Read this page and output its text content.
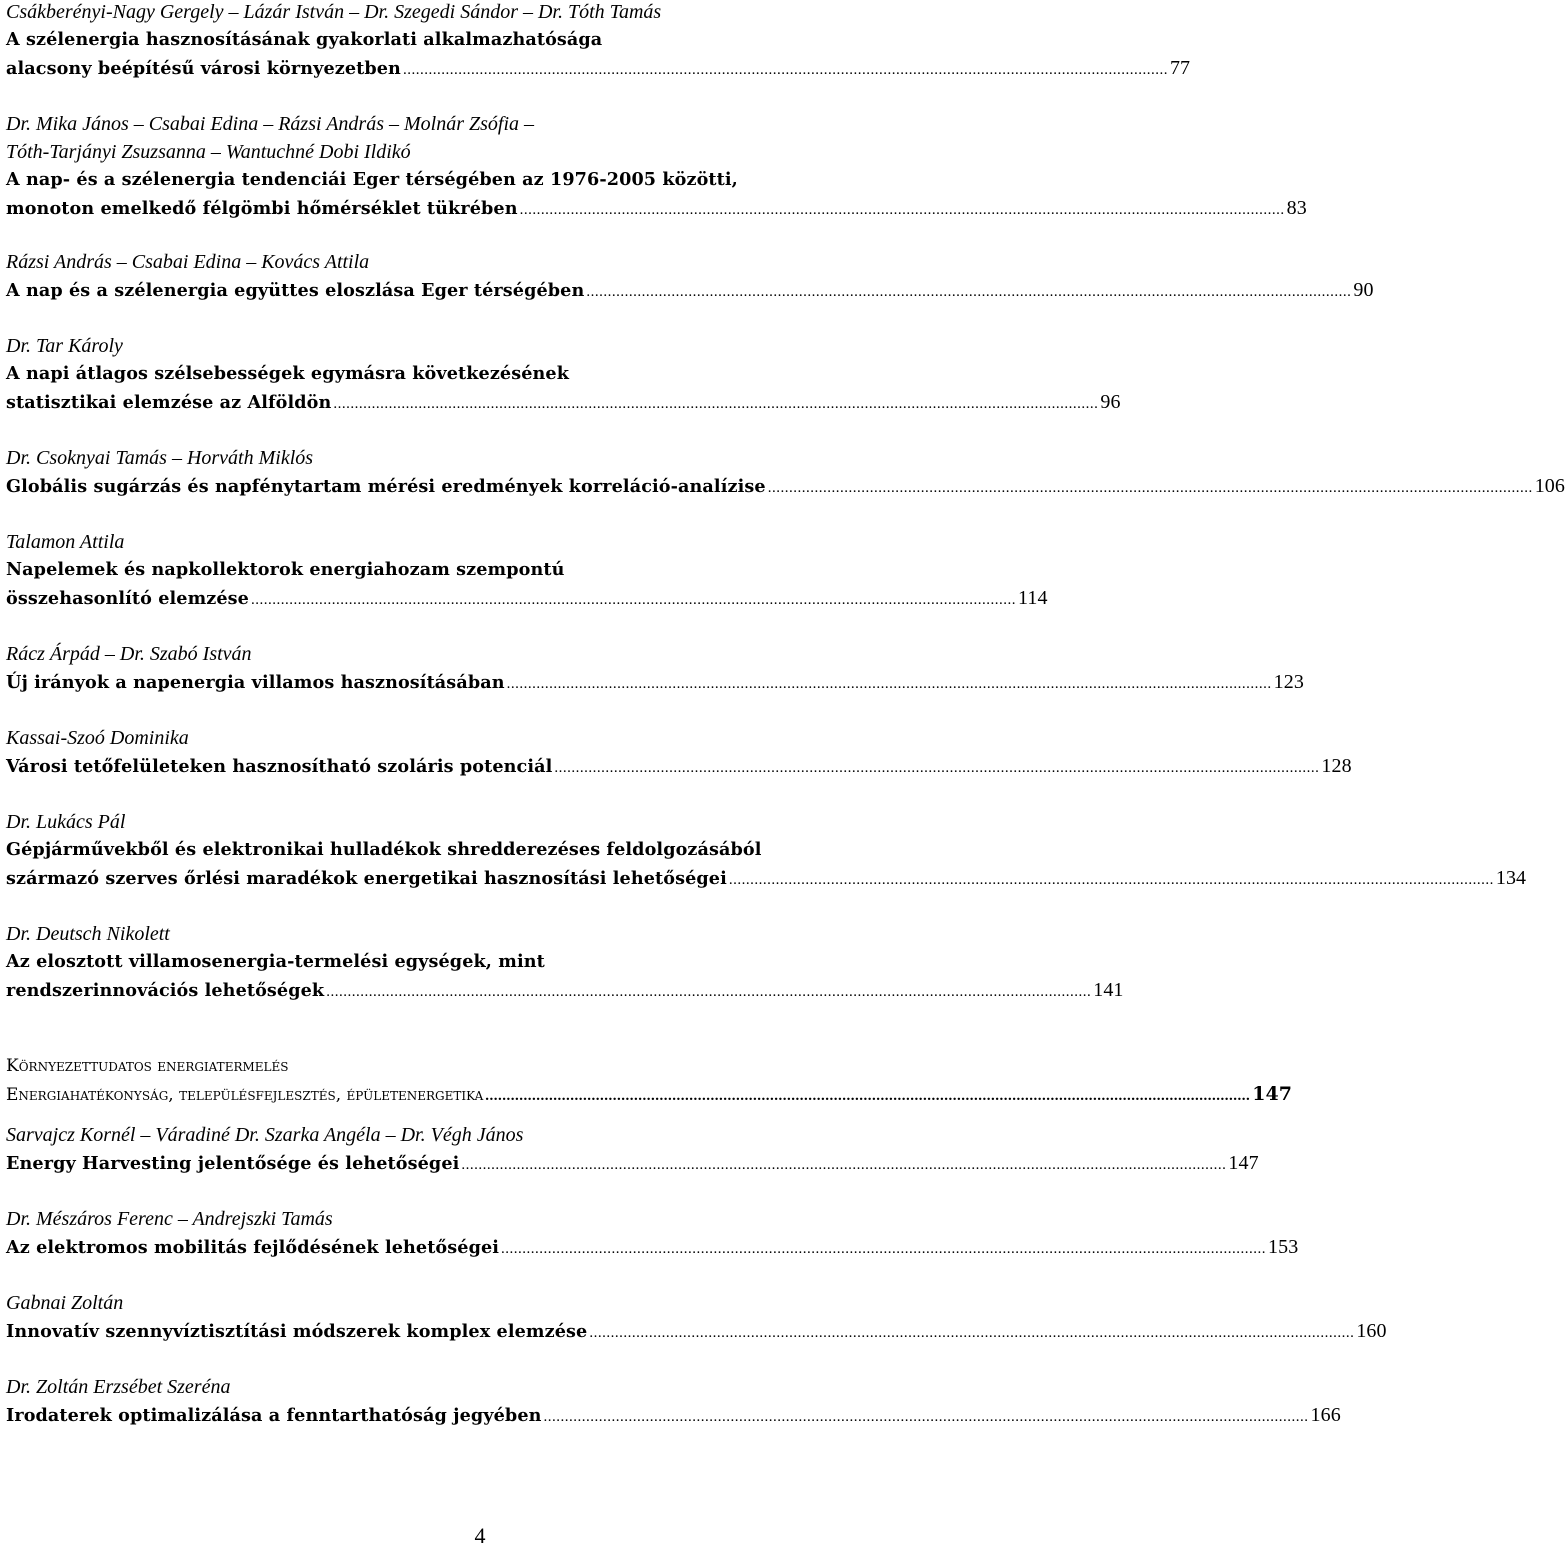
Csákberényi-Nagy Gergely – Lázár István – Dr. Szegedi Sándor – Dr. Tóth Tamás
A szélenergia hasznosításának gyakorlati alkalmazhatósága
alacsony beépítésű városi környezetben .................................................................................................................................................................................... 77
Dr. Mika János – Csabai Edina – Rázsi András – Molnár Zsófia –
Tóth-Tarjányi Zsuzsanna – Wantuchné Dobi Ildikó
A nap- és a szélenergia tendenciái Eger térségében az 1976-2005 közötti,
monoton emelkedő félgömbi hőmérséklet tükrében .................................................................................................................................................................................... 83
Rázsi András – Csabai Edina – Kovács Attila
A nap és a szélenergia együttes eloszlása Eger térségében .................................................................................................................................................................................... 90
Dr. Tar Károly
A napi átlagos szélsebességek egymásra következésének
statisztikai elemzése az Alföldön .................................................................................................................................................................................... 96
Dr. Csoknyai Tamás – Horváth Miklós
Globális sugárzás és napfénytartam mérési eredmények korreláció-analízise .................................................................................................................................................................................... 106
Talamon Attila
Napelemek és napkollektorok energiahozam szempontú
összehasonlító elemzése .................................................................................................................................................................................... 114
Rácz Árpád – Dr. Szabó István
Új irányok a napenergia villamos hasznosításában .................................................................................................................................................................................... 123
Kassai-Szoó Dominika
Városi tetőfelületeken hasznosítható szoláris potenciál .................................................................................................................................................................................... 128
Dr. Lukács Pál
Gépjárművekből és elektronikai hulladékok shredderezéses feldolgozásából
származó szerves őrlési maradékok energetikai hasznosítási lehetőségei .................................................................................................................................................................................... 134
Dr. Deutsch Nikolett
Az elosztott villamosenergia-termelési egységek, mint
rendszerinnovációs lehetőségek .................................................................................................................................................................................... 141
Környezettudatos energiatermelés
Energiahatékonyság, településfejlesztés, épületenergetika .................................................................................................................................................................................... 147
Sarvajcz Kornél – Váradiné Dr. Szarka Angéla – Dr. Végh János
Energy Harvesting jelentősége és lehetőségei .................................................................................................................................................................................... 147
Dr. Mészáros Ferenc – Andrejszki Tamás
Az elektromos mobilitás fejlődésének lehetőségei .................................................................................................................................................................................... 153
Gabnai Zoltán
Innovatív szennyvíztisztítási módszerek komplex elemzése .................................................................................................................................................................................... 160
Dr. Zoltán Erzsébet Szeréna
Irodaterek optimalizálása a fenntarthatóság jegyében .................................................................................................................................................................................... 166
4
